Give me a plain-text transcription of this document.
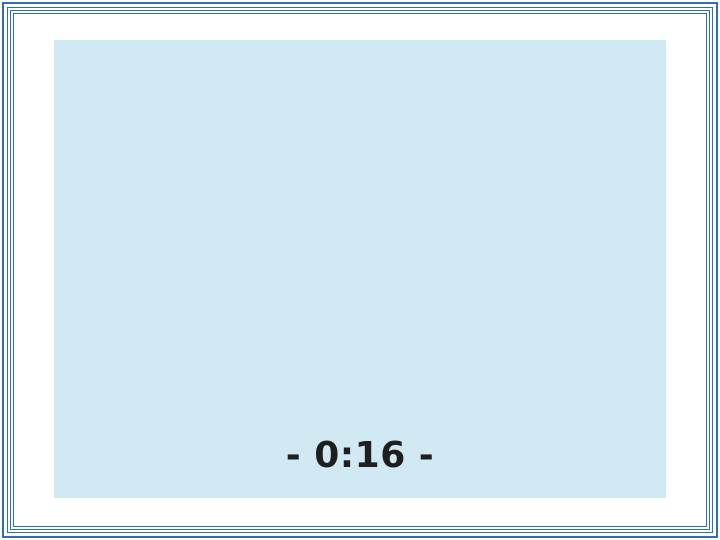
- 0:16 -
